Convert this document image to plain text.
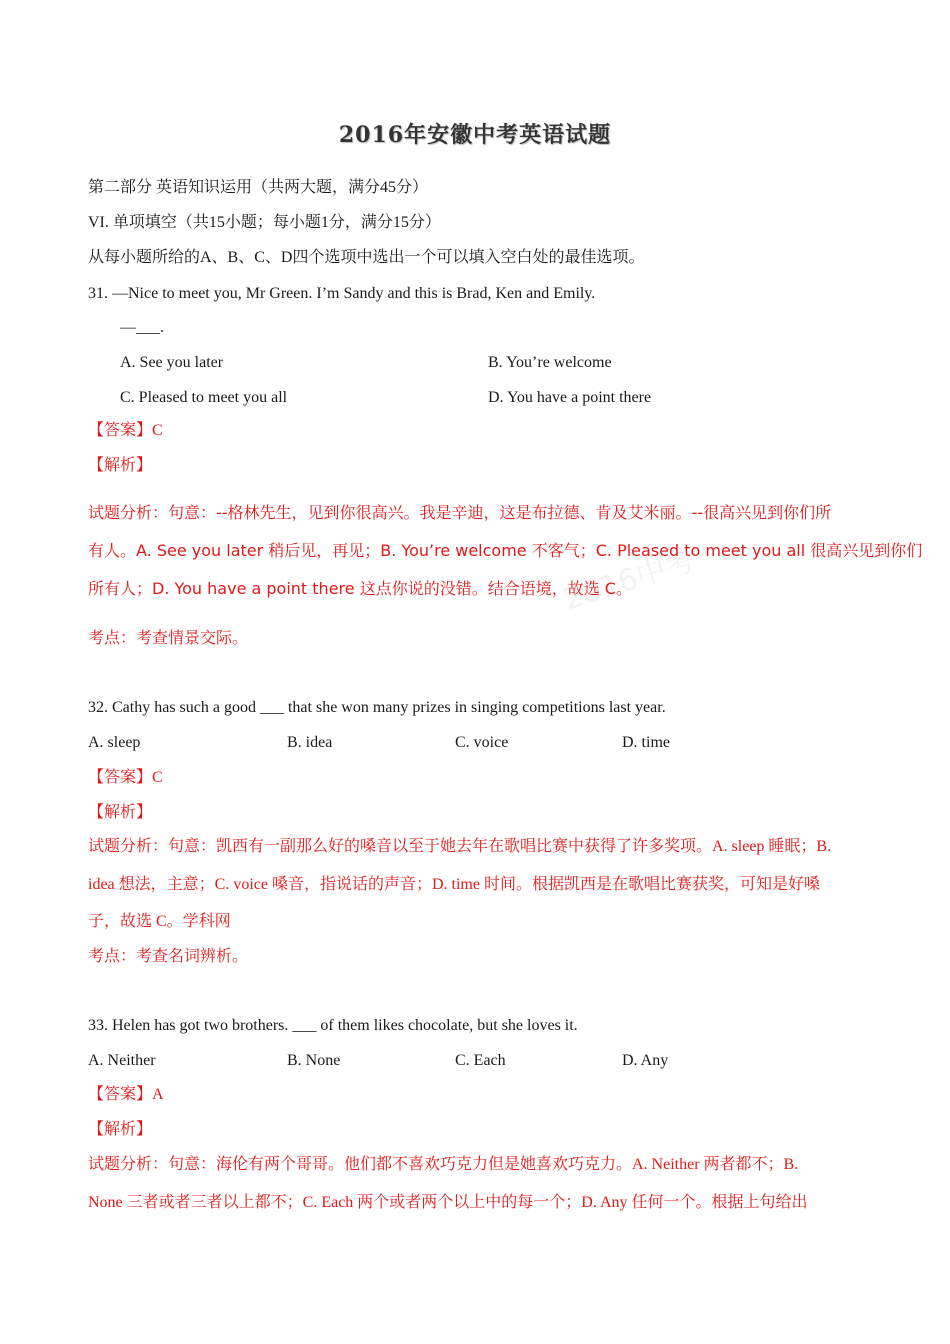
2016中考
2016年安徽中考英语试题
第二部分 英语知识运用（共两大题，满分45分）
VI. 单项填空（共15小题；每小题1分，满分15分）
从每小题所给的A、B、C、D四个选项中选出一个可以填入空白处的最佳选项。
31. —Nice to meet you, Mr Green. I’m Sandy and this is Brad, Ken and Emily.
—___.
A. See you later	B. You’re welcome
C. Pleased to meet you all	D. You have a point there
【答案】C
【解析】
试题分析：句意：--格林先生，见到你很高兴。我是辛迪，这是布拉德、肯及艾米丽。--很高兴见到你们所
有人。A. See you later 稍后见，再见；B. You’re welcome 不客气；C. Pleased to meet you all 很高兴见到你们
所有人；D. You have a point there 这点你说的没错。结合语境，故选 C。
考点：考查情景交际。
32. Cathy has such a good ___ that she won many prizes in singing competitions last year.
A. sleep	B. idea	C. voice	D. time
【答案】C
【解析】
试题分析：句意：凯西有一副那么好的嗓音以至于她去年在歌唱比赛中获得了许多奖项。A. sleep 睡眠；B.
idea 想法，主意；C. voice 嗓音，指说话的声音；D. time 时间。根据凯西是在歌唱比赛获奖，可知是好嗓
子，故选 C。学科网
考点：考查名词辨析。
33. Helen has got two brothers. ___ of them likes chocolate, but she loves it.
A. Neither	B. None	C. Each	D. Any
【答案】A
【解析】
试题分析：句意：海伦有两个哥哥。他们都不喜欢巧克力但是她喜欢巧克力。A. Neither 两者都不；B.
None 三者或者三者以上都不；C. Each 两个或者两个以上中的每一个；D. Any 任何一个。根据上句给出
